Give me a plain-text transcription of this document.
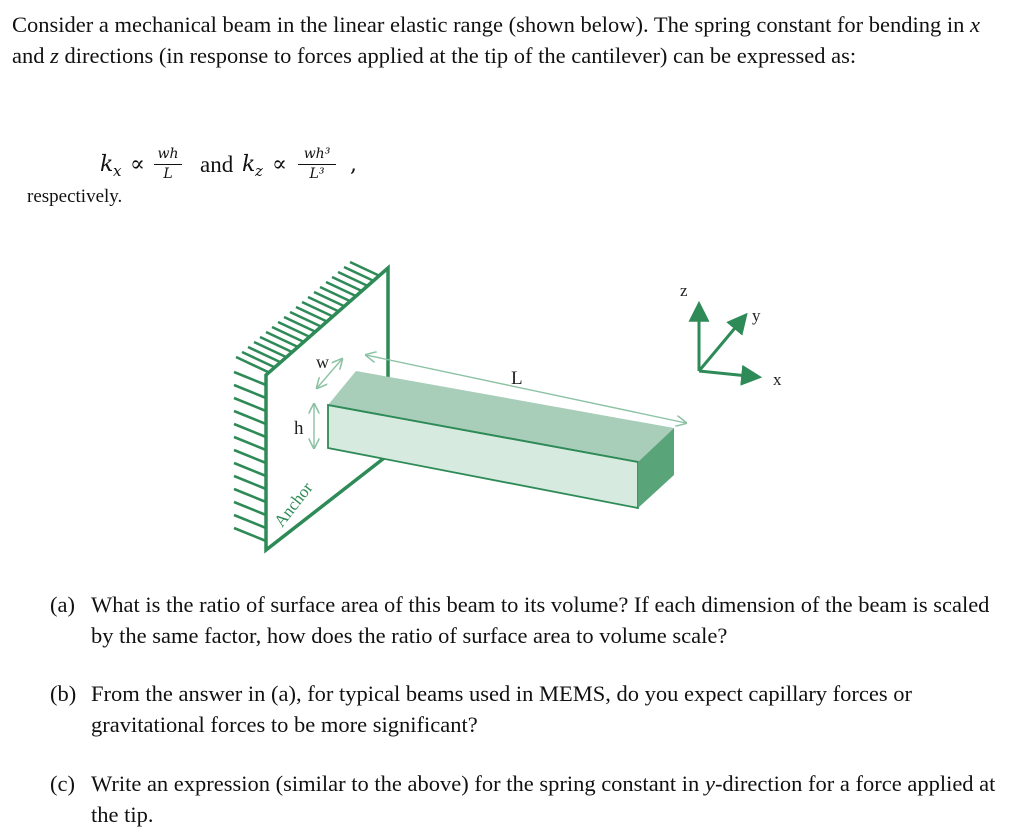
Consider a mechanical beam in the linear elastic range (shown below). The spring constant for bending in x and z directions (in response to forces applied at the tip of the cantilever) can be expressed as:
k x ∝ wh
L	and k z ∝	wh³
L³	,
respectively.
w
L
h
Anchor
z
y
x
(a) What is the ratio of surface area of this beam to its volume? If each dimension of the beam is scaled by the same factor, how does the ratio of surface area to volume scale?
(b) From the answer in (a), for typical beams used in MEMS, do you expect capillary forces or gravitational forces to be more significant?
(c) Write an expression (similar to the above) for the spring constant in y-direction for a force applied at the tip.
